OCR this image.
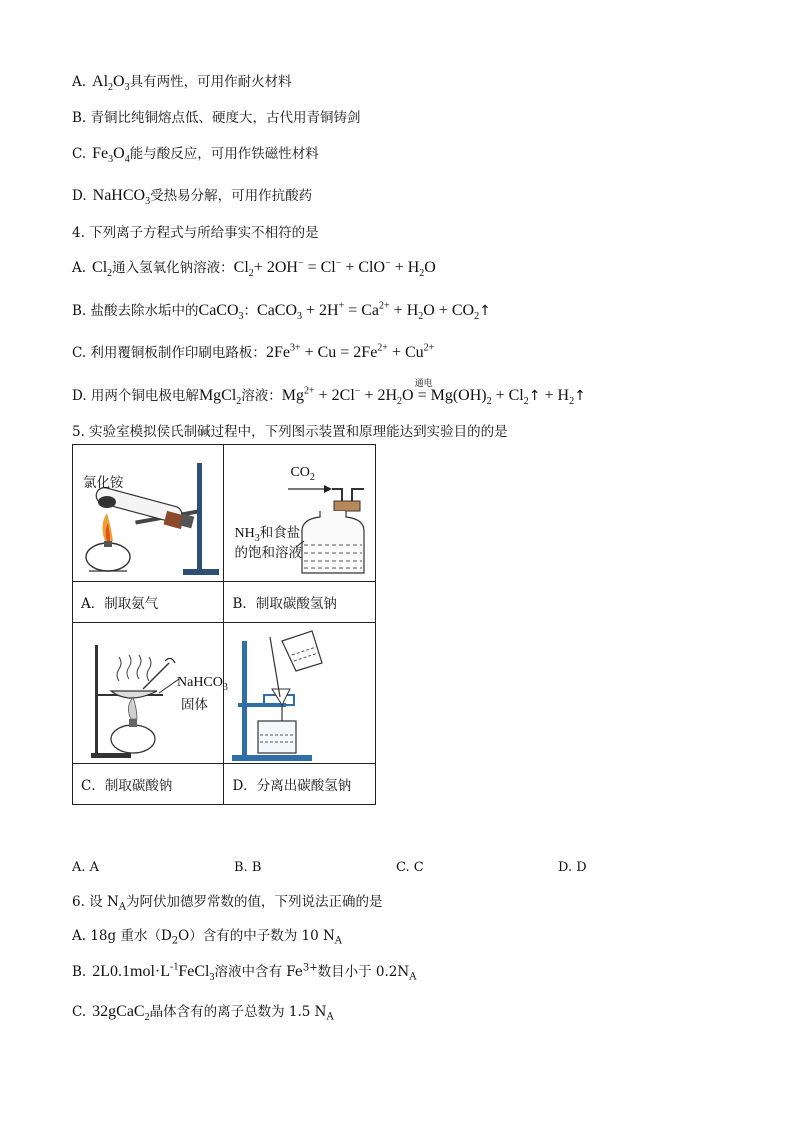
A. $Al_2O_3$具有两性，可用作耐火材料
B. 青铜比纯铜熔点低、硬度大，古代用青铜铸剑
C. $Fe_3O_4$能与酸反应，可用作铁磁性材料
D. NaHCO$_3$受热易分解，可用作抗酸药
4. 下列离子方程式与所给事实不相符的是
A. $Cl_2$通入氢氧化钠溶液：$Cl_2+ 2OH^- = Cl^- + ClO^- + H_2O$
B. 盐酸去除水垢中的CaCO$_3$：CaCO$_3$ + $2H^+ = Ca^{2+} + H_2O$ + $CO_2↑$
C. 利用覆铜板制作印刷电路板：$2Fe^{3+} + Cu = 2Fe^{2+} + Cu^{2+}$
D. 用两个铜电极电解MgCl$_2$溶液：$Mg^{2+} + 2Cl^- + 2H_2O$
通电
= $Mg(OH)_2$ + $Cl_2↑$ + $H_2↑$
5. 实验室模拟侯氏制碱过程中，下列图示装置和原理能达到实验目的的是
氯化铵	$CO_2$
$NH_3$和食盐
的饱和溶液

A．制取氨气	B．制取碳酸氢钠

NaHCO$_3$
固体

C．制取碳酸钠	D．分离出碳酸氢钠
A. A	B. B	C. C	D. D
6. 设 $N_A$为阿伏加德罗常数的值，下列说法正确的是
A. 18g 重水$(D_2O)$含有的中子数为 10 $N_A$
B. $2L0.1mol\cdot L^{-1}FeCl_3$溶液中含有 $Fe^{3+}$数目小于 $0.2N_A$
C. 32gCaC$_2$晶体含有的离子总数为 1.5 $N_A$
